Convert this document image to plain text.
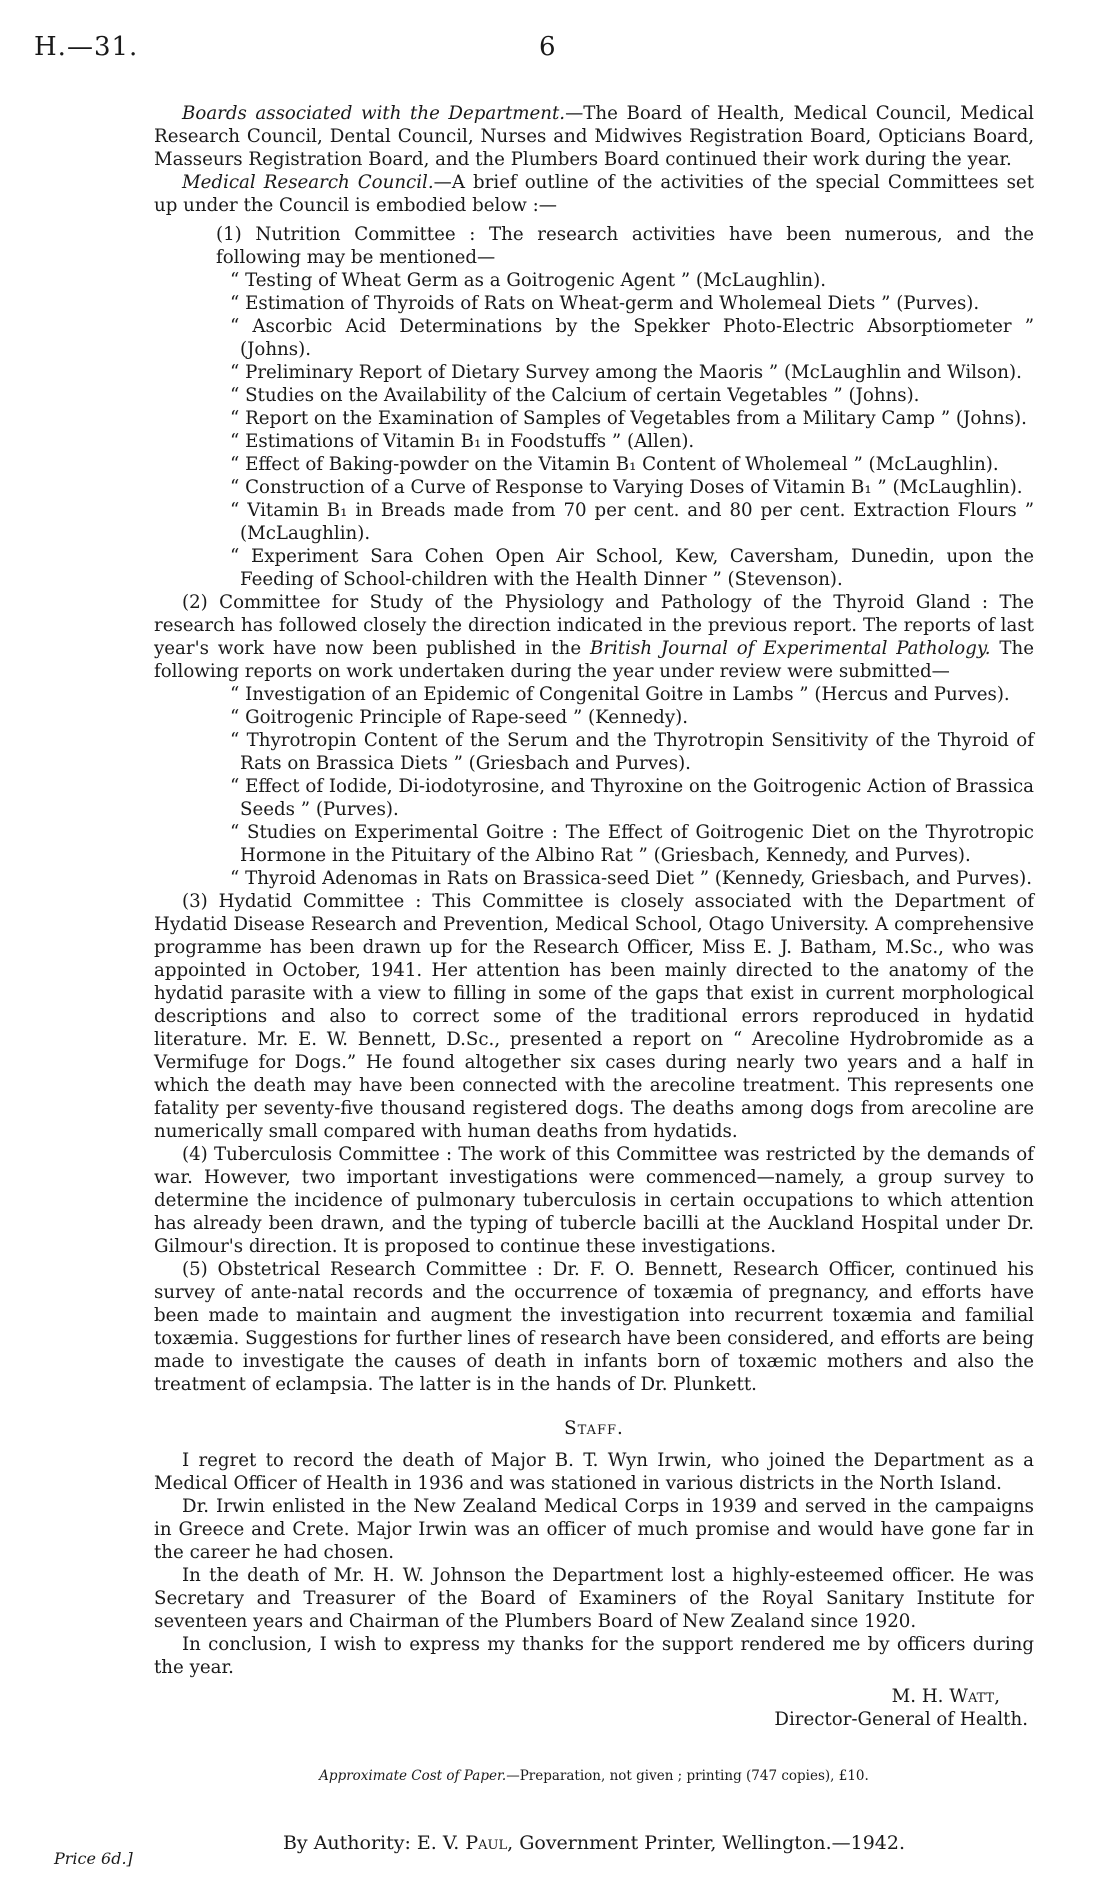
H.—31.	6

Boards associated with the Department.—The Board of Health, Medical Council, Medical Research Council, Dental Council, Nurses and Midwives Registration Board, Opticians Board, Masseurs Registration Board, and the Plumbers Board continued their work during the year.

Medical Research Council.—A brief outline of the activities of the special Committees set up under the Council is embodied below :—

(1) Nutrition Committee : The research activities have been numerous, and the following may be mentioned—

“ Testing of Wheat Germ as a Goitrogenic Agent ” (McLaughlin).

“ Estimation of Thyroids of Rats on Wheat-germ and Wholemeal Diets ” (Purves).

“ Ascorbic Acid Determinations by the Spekker Photo-Electric Absorptiometer ” (Johns).

“ Preliminary Report of Dietary Survey among the Maoris ” (McLaughlin and Wilson).

“ Studies on the Availability of the Calcium of certain Vegetables ” (Johns).

“ Report on the Examination of Samples of Vegetables from a Military Camp ” (Johns).

“ Estimations of Vitamin B₁ in Foodstuffs ” (Allen).

“ Effect of Baking-powder on the Vitamin B₁ Content of Wholemeal ” (McLaughlin).

“ Construction of a Curve of Response to Varying Doses of Vitamin B₁ ” (McLaughlin).

“ Vitamin B₁ in Breads made from 70 per cent. and 80 per cent. Extraction Flours ” (McLaughlin).

“ Experiment Sara Cohen Open Air School, Kew, Caversham, Dunedin, upon the Feeding of School-children with the Health Dinner ” (Stevenson).

(2) Committee for Study of the Physiology and Pathology of the Thyroid Gland : The research has followed closely the direction indicated in the previous report. The reports of last year's work have now been published in the British Journal of Experimental Pathology. The following reports on work undertaken during the year under review were submitted—

“ Investigation of an Epidemic of Congenital Goitre in Lambs ” (Hercus and Purves).

“ Goitrogenic Principle of Rape-seed ” (Kennedy).

“ Thyrotropin Content of the Serum and the Thyrotropin Sensitivity of the Thyroid of Rats on Brassica Diets ” (Griesbach and Purves).

“ Effect of Iodide, Di-iodotyrosine, and Thyroxine on the Goitrogenic Action of Brassica Seeds ” (Purves).

“ Studies on Experimental Goitre : The Effect of Goitrogenic Diet on the Thyrotropic Hormone in the Pituitary of the Albino Rat ” (Griesbach, Kennedy, and Purves).

“ Thyroid Adenomas in Rats on Brassica-seed Diet ” (Kennedy, Griesbach, and Purves).

(3) Hydatid Committee : This Committee is closely associated with the Department of Hydatid Disease Research and Prevention, Medical School, Otago University. A comprehensive programme has been drawn up for the Research Officer, Miss E. J. Batham, M.Sc., who was appointed in October, 1941. Her attention has been mainly directed to the anatomy of the hydatid parasite with a view to filling in some of the gaps that exist in current morphological descriptions and also to correct some of the traditional errors reproduced in hydatid literature. Mr. E. W. Bennett, D.Sc., presented a report on “ Arecoline Hydrobromide as a Vermifuge for Dogs.” He found altogether six cases during nearly two years and a half in which the death may have been connected with the arecoline treatment. This represents one fatality per seventy-five thousand registered dogs. The deaths among dogs from arecoline are numerically small compared with human deaths from hydatids.

(4) Tuberculosis Committee : The work of this Committee was restricted by the demands of war. However, two important investigations were commenced—namely, a group survey to determine the incidence of pulmonary tuberculosis in certain occupations to which attention has already been drawn, and the typing of tubercle bacilli at the Auckland Hospital under Dr. Gilmour's direction. It is proposed to continue these investigations.

(5) Obstetrical Research Committee : Dr. F. O. Bennett, Research Officer, continued his survey of ante-natal records and the occurrence of toxæmia of pregnancy, and efforts have been made to maintain and augment the investigation into recurrent toxæmia and familial toxæmia. Suggestions for further lines of research have been considered, and efforts are being made to investigate the causes of death in infants born of toxæmic mothers and also the treatment of eclampsia. The latter is in the hands of Dr. Plunkett.

Staff.

I regret to record the death of Major B. T. Wyn Irwin, who joined the Department as a Medical Officer of Health in 1936 and was stationed in various districts in the North Island.

Dr. Irwin enlisted in the New Zealand Medical Corps in 1939 and served in the campaigns in Greece and Crete. Major Irwin was an officer of much promise and would have gone far in the career he had chosen.

In the death of Mr. H. W. Johnson the Department lost a highly-esteemed officer. He was Secretary and Treasurer of the Board of Examiners of the Royal Sanitary Institute for seventeen years and Chairman of the Plumbers Board of New Zealand since 1920.

In conclusion, I wish to express my thanks for the support rendered me by officers during the year.

M. H. Watt,

Director-General of Health.

Approximate Cost of Paper.—Preparation, not given ; printing (747 copies), £10.

By Authority: E. V. Paul, Government Printer, Wellington.—1942.

Price 6d.]
